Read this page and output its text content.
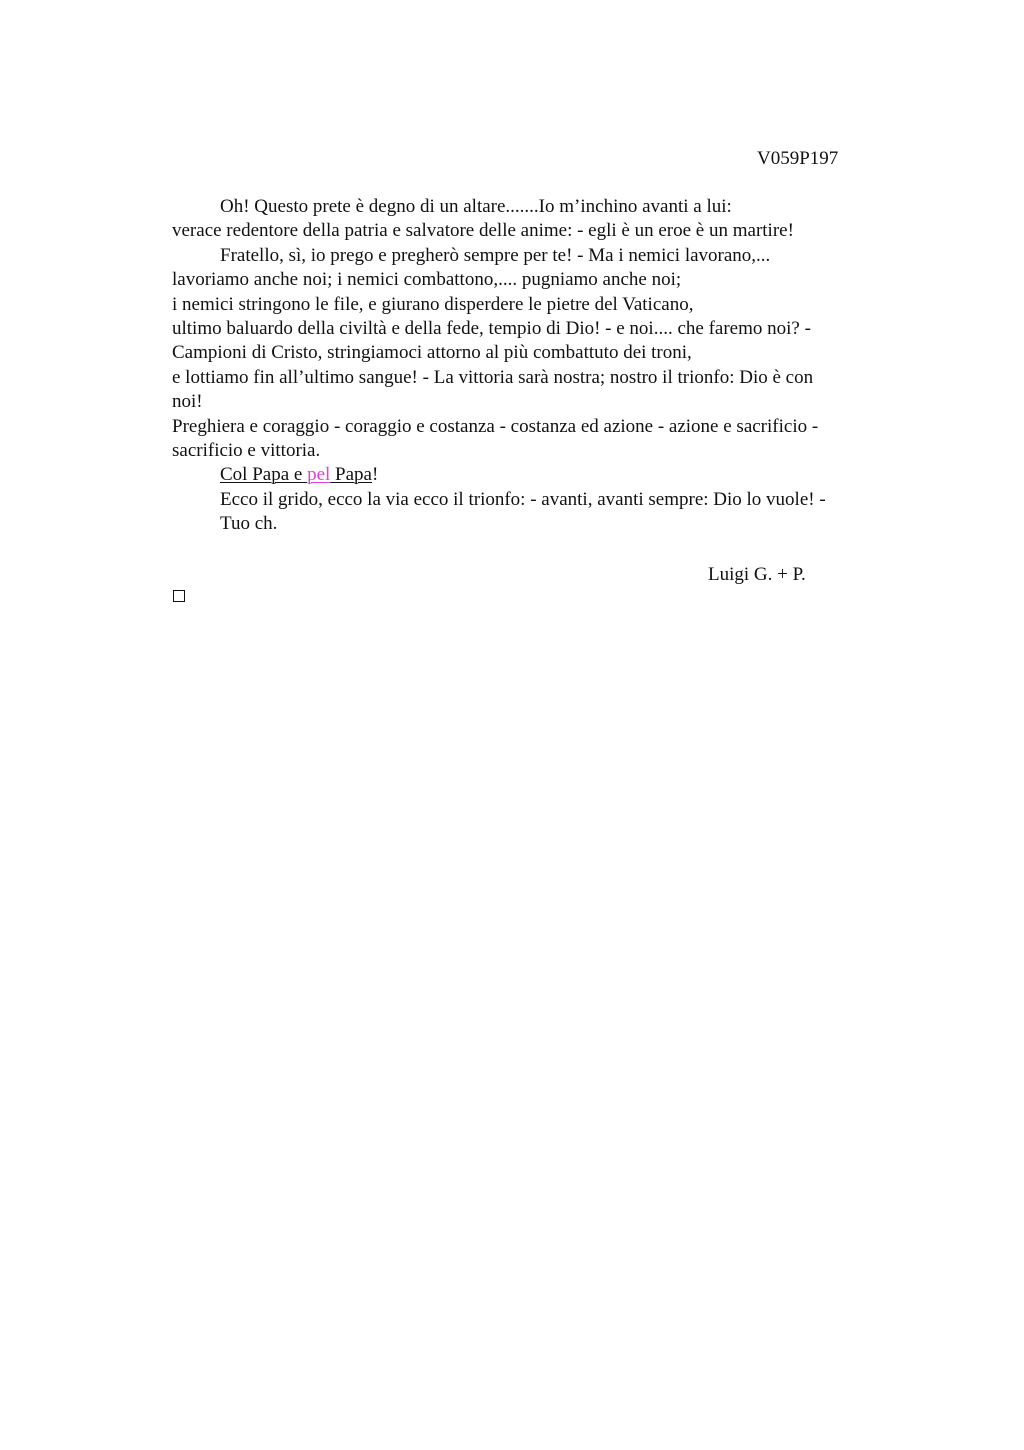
V059P197
Oh! Questo prete è degno di un altare.......Io m’inchino avanti a lui:
verace redentore della patria e salvatore delle anime: - egli è un eroe è un martire!
Fratello, sì, io prego e pregherò sempre per te! - Ma i nemici lavorano,...
lavoriamo anche noi; i nemici combattono,.... pugniamo anche noi;
i nemici stringono le file, e giurano disperdere le pietre del Vaticano,
ultimo baluardo della civiltà e della fede, tempio di Dio! - e noi.... che faremo noi? -
Campioni di Cristo, stringiamoci attorno al più combattuto dei troni,
e lottiamo fin all’ultimo sangue! - La vittoria sarà nostra; nostro il trionfo: Dio è con
noi!
Preghiera e coraggio - coraggio e costanza - costanza ed azione - azione e sacrificio -
sacrificio e vittoria.
Col Papa e pel Papa!
Ecco il grido, ecco la via ecco il trionfo: - avanti, avanti sempre: Dio lo vuole! -
Tuo ch.
Luigi G. + P.
